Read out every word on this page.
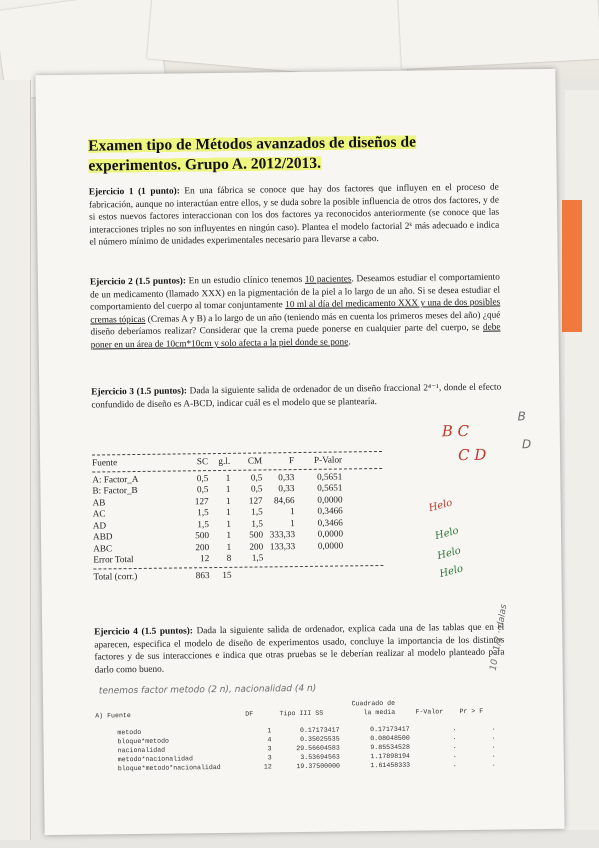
Examen tipo de Métodos avanzados de diseños de
experimentos. Grupo A. 2012/2013.
Ejercicio 1 (1 punto): En una fábrica se conoce que hay dos factores que influyen en el proceso de fabricación, aunque no interactúan entre ellos, y se duda sobre la posible influencia de otros dos factores, y de si estos nuevos factores interaccionan con los dos factores ya reconocidos anteriormente (se conoce que las interacciones triples no son influyentes en ningún caso). Plantea el modelo factorial 2ᵏ más adecuado e indica el número mínimo de unidades experimentales necesario para llevarse a cabo.
Ejercicio 2 (1.5 puntos): En un estudio clínico tenemos 10 pacientes. Deseamos estudiar el comportamiento de un medicamento (llamado XXX) en la pigmentación de la piel a lo largo de un año. Si se desea estudiar el comportamiento del cuerpo al tomar conjuntamente 10 ml al día del medicamento XXX y una de dos posibles cremas tópicas (Cremas A y B) a lo largo de un año (teniendo más en cuenta los primeros meses del año) ¿qué diseño deberíamos realizar? Considerar que la crema puede ponerse en cualquier parte del cuerpo, se debe poner en un área de 10cm*10cm y solo afecta a la piel donde se pone.
Ejercicio 3 (1.5 puntos): Dada la siguiente salida de ordenador de un diseño fraccional 2⁴⁻¹, donde el efecto confundido de diseño es A-BCD, indicar cuál es el modelo que se plantearía.
Fuente	SC	g.l.	CM	F	P-Valor
A: Factor_A	0,5	1	0,5	0,33	0,5651
B: Factor_B	0,5	1	0,5	0,33	0,5651
AB	127	1	127	84,66	0,0000
AC	1,5	1	1,5	1	0,3466
AD	1,5	1	1,5	1	0,3466
ABD	500	1	500 333,33	0,0000
ABC	200	1	200 133,33	0,0000
Error Total	12	8	1,5
Total (corr.)	863	15
Ejercicio 4 (1.5 puntos): Dada la siguiente salida de ordenador, explica cada una de las tablas que en el aparecen, especifica el modelo de diseño de experimentos usado, concluye la importancia de los distintos factores y de sus interacciones e indica que otras pruebas se le deberían realizar al modelo planteado para darlo como bueno.
Cuadrado de
A) Fuente	DF	Tipo III SS	la media	F-Valor	Pr > F
metodo	1	0.17173417	0.17173417	.	.
bloque*metodo	4	0.35025535	0.08048500	.	.
nacionalidad	3	29.56604583	9.85534528	.	.
metodo*nacionalidad	3	3.53694563	1.17898194	.	.
bloque*metodo*nacionalidad	12	19.37500000	1.61458333	.	.
B C
C D
B
D
Helo
Helo
Helo
Helo
tenemos factor metodo (2 n), nacionalidad (4 n)
10 · 1/2 · dalas
